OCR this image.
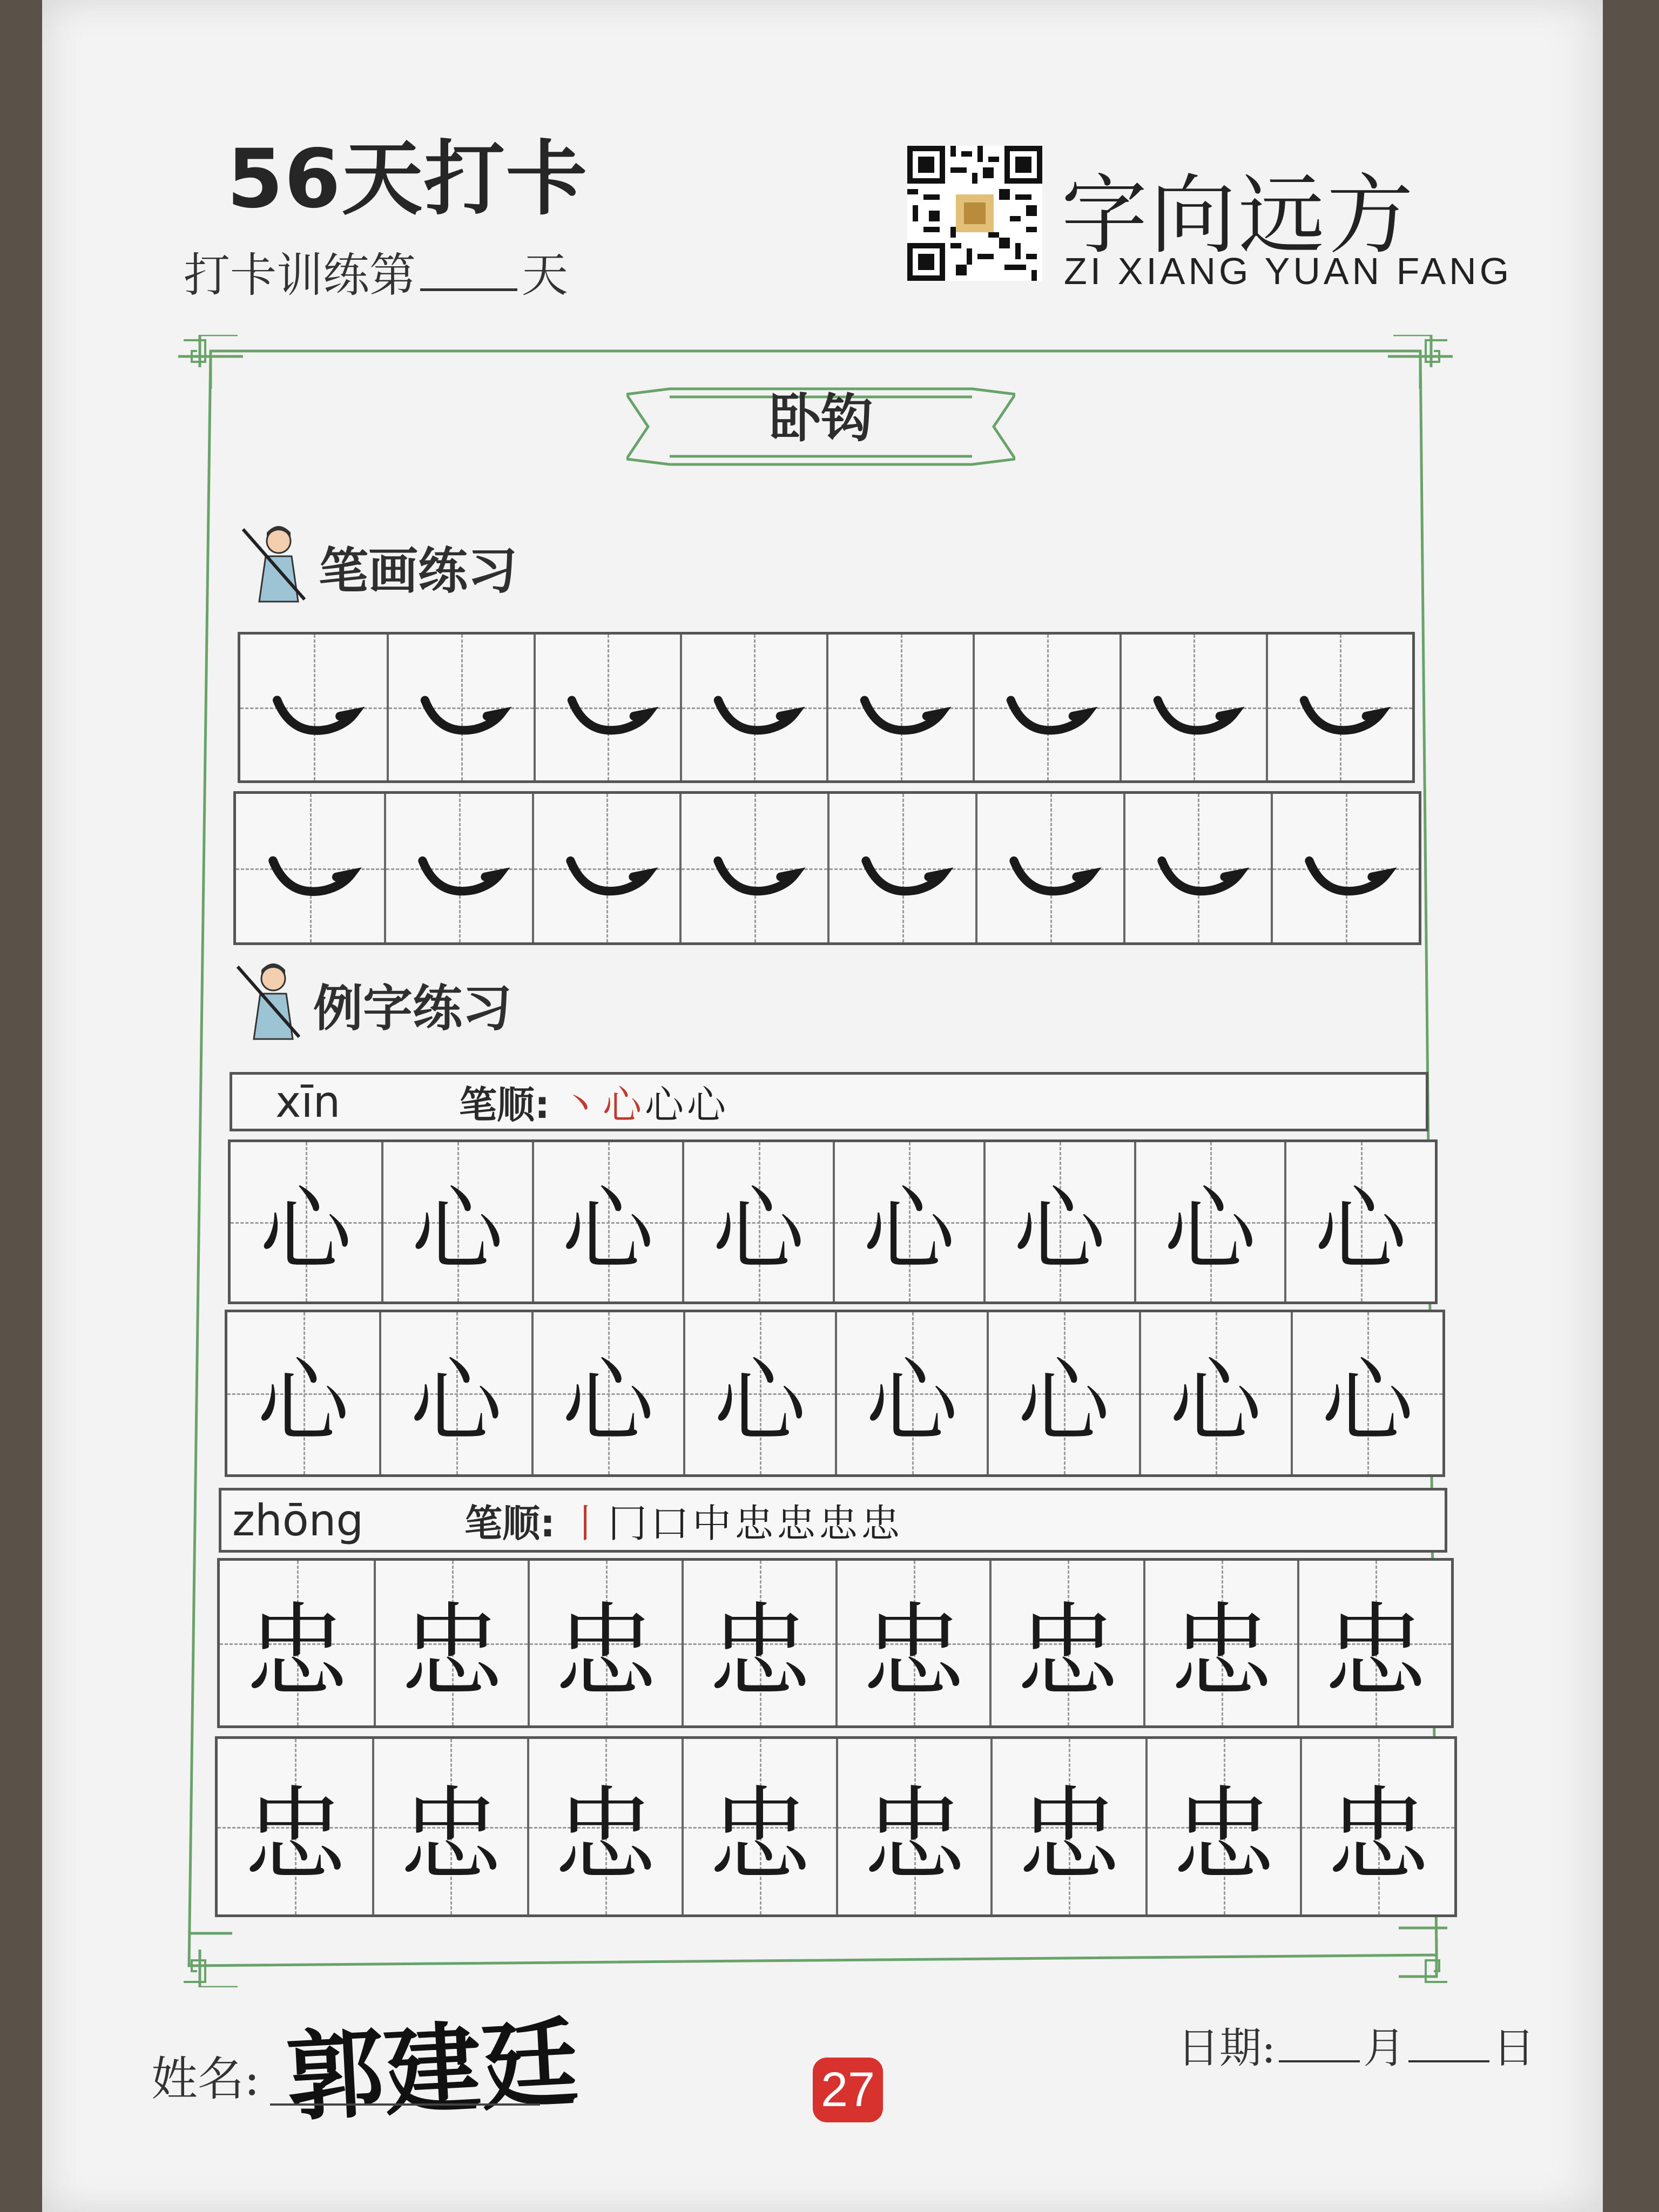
56天打卡
打卡训练第 天
字向远方
ZI XIANG YUAN FANG
卧钩
笔画练习
例字练习
xīn	笔顺: 丶心心心
心 心 心 心 心 心 心 心
心 心 心 心 心 心 心 心
zhōng	笔顺: 丨冂口中忠忠忠忠
忠 忠 忠 忠 忠 忠 忠 忠
忠 忠 忠 忠 忠 忠 忠 忠
姓名: 郭建廷	27
日期: 月 日
